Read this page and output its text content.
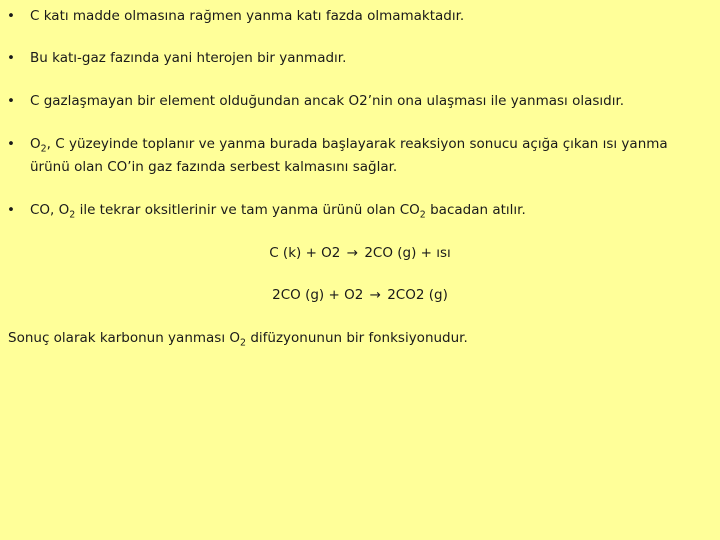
• C katı madde olmasına rağmen yanma katı fazda olmamaktadır.
• Bu katı-gaz fazında yani hterojen bir yanmadır.
• C gazlaşmayan bir element olduğundan ancak O2’nin ona ulaşması ile yanması olasıdır.
• $O_2$, C yüzeyinde toplanır ve yanma burada başlayarak reaksiyon sonucu açığa çıkan ısı yanma
ürünü olan CO’in gaz fazında serbest kalmasını sağlar.
• CO, $O_2$ ile tekrar oksitlerinir ve tam yanma ürünü olan $CO_2$ bacadan atılır.
C (k) + O2 → 2CO (g) + ısı
2CO (g) + O2 → 2CO2 (g)
Sonuç olarak karbonun yanması $O_2$ difüzyonunun bir fonksiyonudur.
